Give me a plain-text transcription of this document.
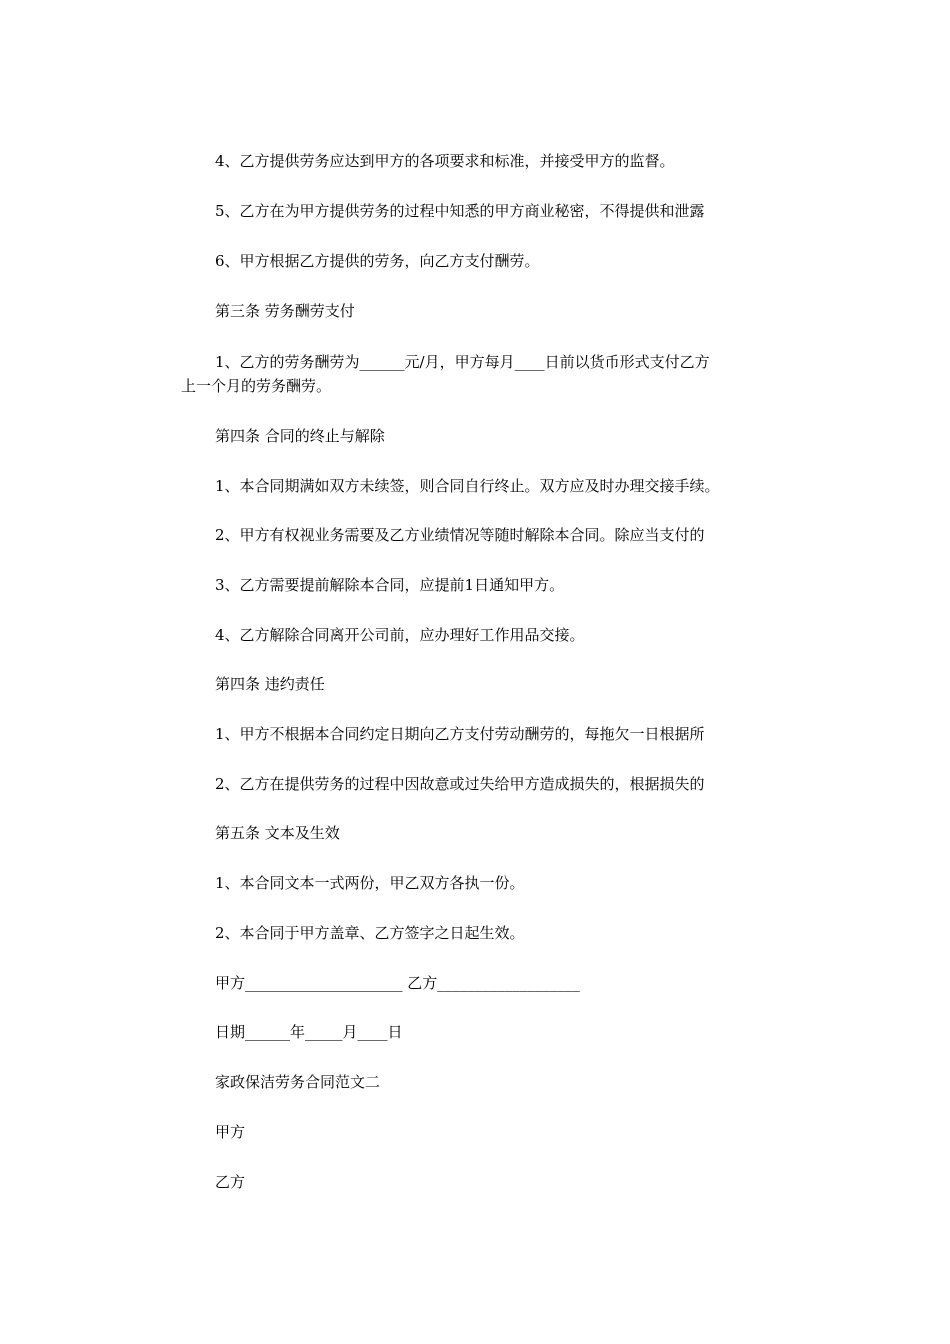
4、乙方提供劳务应达到甲方的各项要求和标准，并接受甲方的监督。
5、乙方在为甲方提供劳务的过程中知悉的甲方商业秘密，不得提供和泄露
6、甲方根据乙方提供的劳务，向乙方支付酬劳。
第三条 劳务酬劳支付
1、乙方的劳务酬劳为______元/月，甲方每月____日前以货币形式支付乙方
上一个月的劳务酬劳。
第四条 合同的终止与解除
1、本合同期满如双方未续签，则合同自行终止。双方应及时办理交接手续。
2、甲方有权视业务需要及乙方业绩情况等随时解除本合同。除应当支付的
3、乙方需要提前解除本合同，应提前1日通知甲方。
4、乙方解除合同离开公司前，应办理好工作用品交接。
第四条 违约责任
1、甲方不根据本合同约定日期向乙方支付劳动酬劳的，每拖欠一日根据所
2、乙方在提供劳务的过程中因故意或过失给甲方造成损失的，根据损失的
第五条 文本及生效
1、本合同文本一式两份，甲乙双方各执一份。
2、本合同于甲方盖章、乙方签字之日起生效。
甲方_____________________ 乙方___________________
日期______年_____月____日
家政保洁劳务合同范文二
甲方
乙方
